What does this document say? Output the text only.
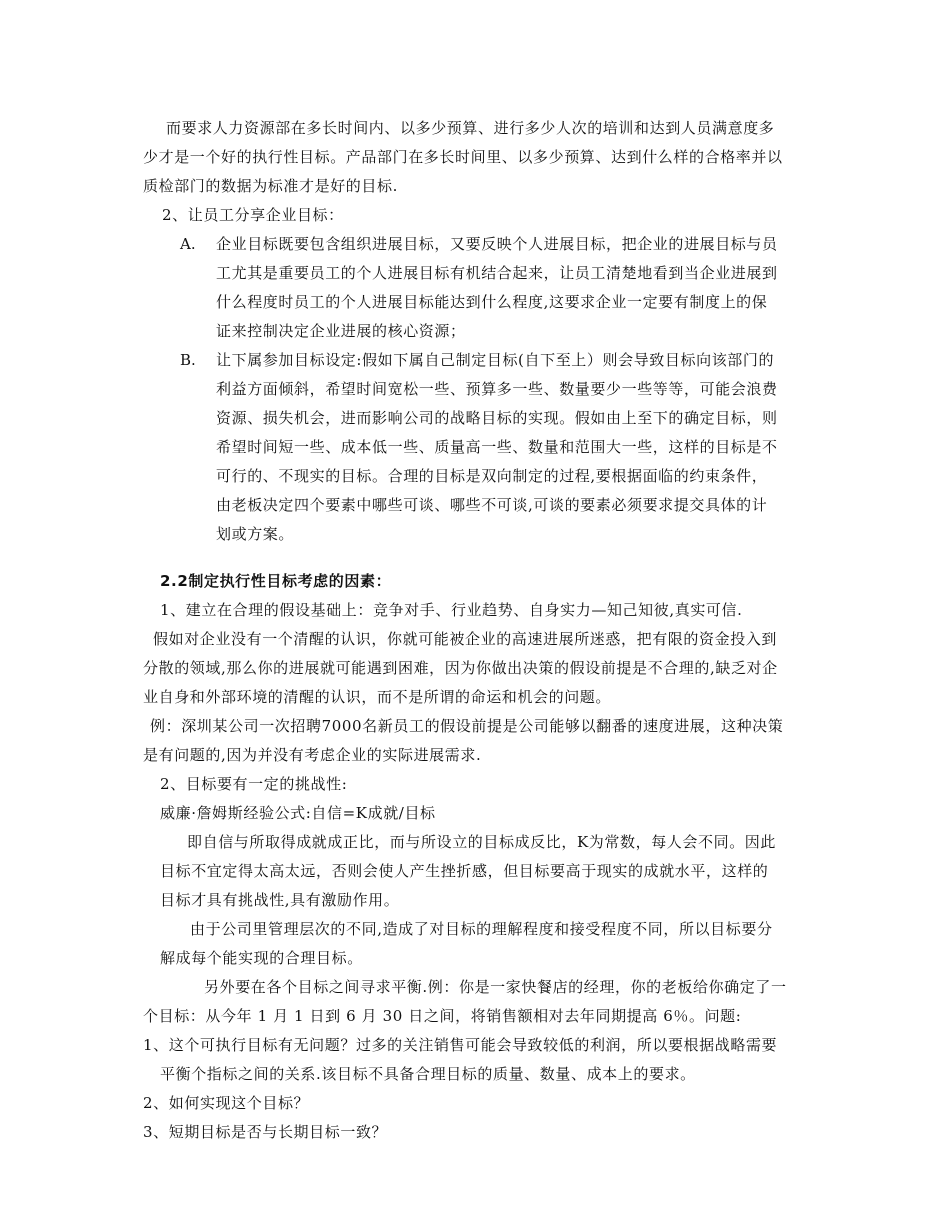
而要求人力资源部在多长时间内、以多少预算、进行多少人次的培训和达到人员满意度多
少才是一个好的执行性目标。产品部门在多长时间里、以多少预算、达到什么样的合格率并以
质检部门的数据为标准才是好的目标.
2、让员工分享企业目标：
A. 企业目标既要包含组织进展目标，又要反映个人进展目标，把企业的进展目标与员
工尤其是重要员工的个人进展目标有机结合起来，让员工清楚地看到当企业进展到
什么程度时员工的个人进展目标能达到什么程度,这要求企业一定要有制度上的保
证来控制决定企业进展的核心资源；
B. 让下属参加目标设定:假如下属自己制定目标(自下至上）则会导致目标向该部门的
利益方面倾斜，希望时间宽松一些、预算多一些、数量要少一些等等，可能会浪费
资源、损失机会，进而影响公司的战略目标的实现。假如由上至下的确定目标，则
希望时间短一些、成本低一些、质量高一些、数量和范围大一些，这样的目标是不
可行的、不现实的目标。合理的目标是双向制定的过程,要根据面临的约束条件，
由老板决定四个要素中哪些可谈、哪些不可谈,可谈的要素必须要求提交具体的计
划或方案。
2.2制定执行性目标考虑的因素：
1、建立在合理的假设基础上：竞争对手、行业趋势、自身实力—知己知彼,真实可信.
假如对企业没有一个清醒的认识，你就可能被企业的高速进展所迷惑，把有限的资金投入到
分散的领域,那么你的进展就可能遇到困难，因为你做出决策的假设前提是不合理的,缺乏对企
业自身和外部环境的清醒的认识，而不是所谓的命运和机会的问题。
例：深圳某公司一次招聘7000名新员工的假设前提是公司能够以翻番的速度进展，这种决策
是有问题的,因为并没有考虑企业的实际进展需求.
2、目标要有一定的挑战性:
威廉·詹姆斯经验公式:自信=K成就/目标
即自信与所取得成就成正比，而与所设立的目标成反比，K为常数，每人会不同。因此
目标不宜定得太高太远，否则会使人产生挫折感，但目标要高于现实的成就水平，这样的
目标才具有挑战性,具有激励作用。
由于公司里管理层次的不同,造成了对目标的理解程度和接受程度不同，所以目标要分
解成每个能实现的合理目标。
另外要在各个目标之间寻求平衡.例：你是一家快餐店的经理，你的老板给你确定了一
个目标：从今年 1 月 1 日到 6 月 30 日之间，将销售额相对去年同期提高 6％。问题:
1、这个可执行目标有无问题？过多的关注销售可能会导致较低的利润，所以要根据战略需要
平衡个指标之间的关系.该目标不具备合理目标的质量、数量、成本上的要求。
2、如何实现这个目标？
3、短期目标是否与长期目标一致？
